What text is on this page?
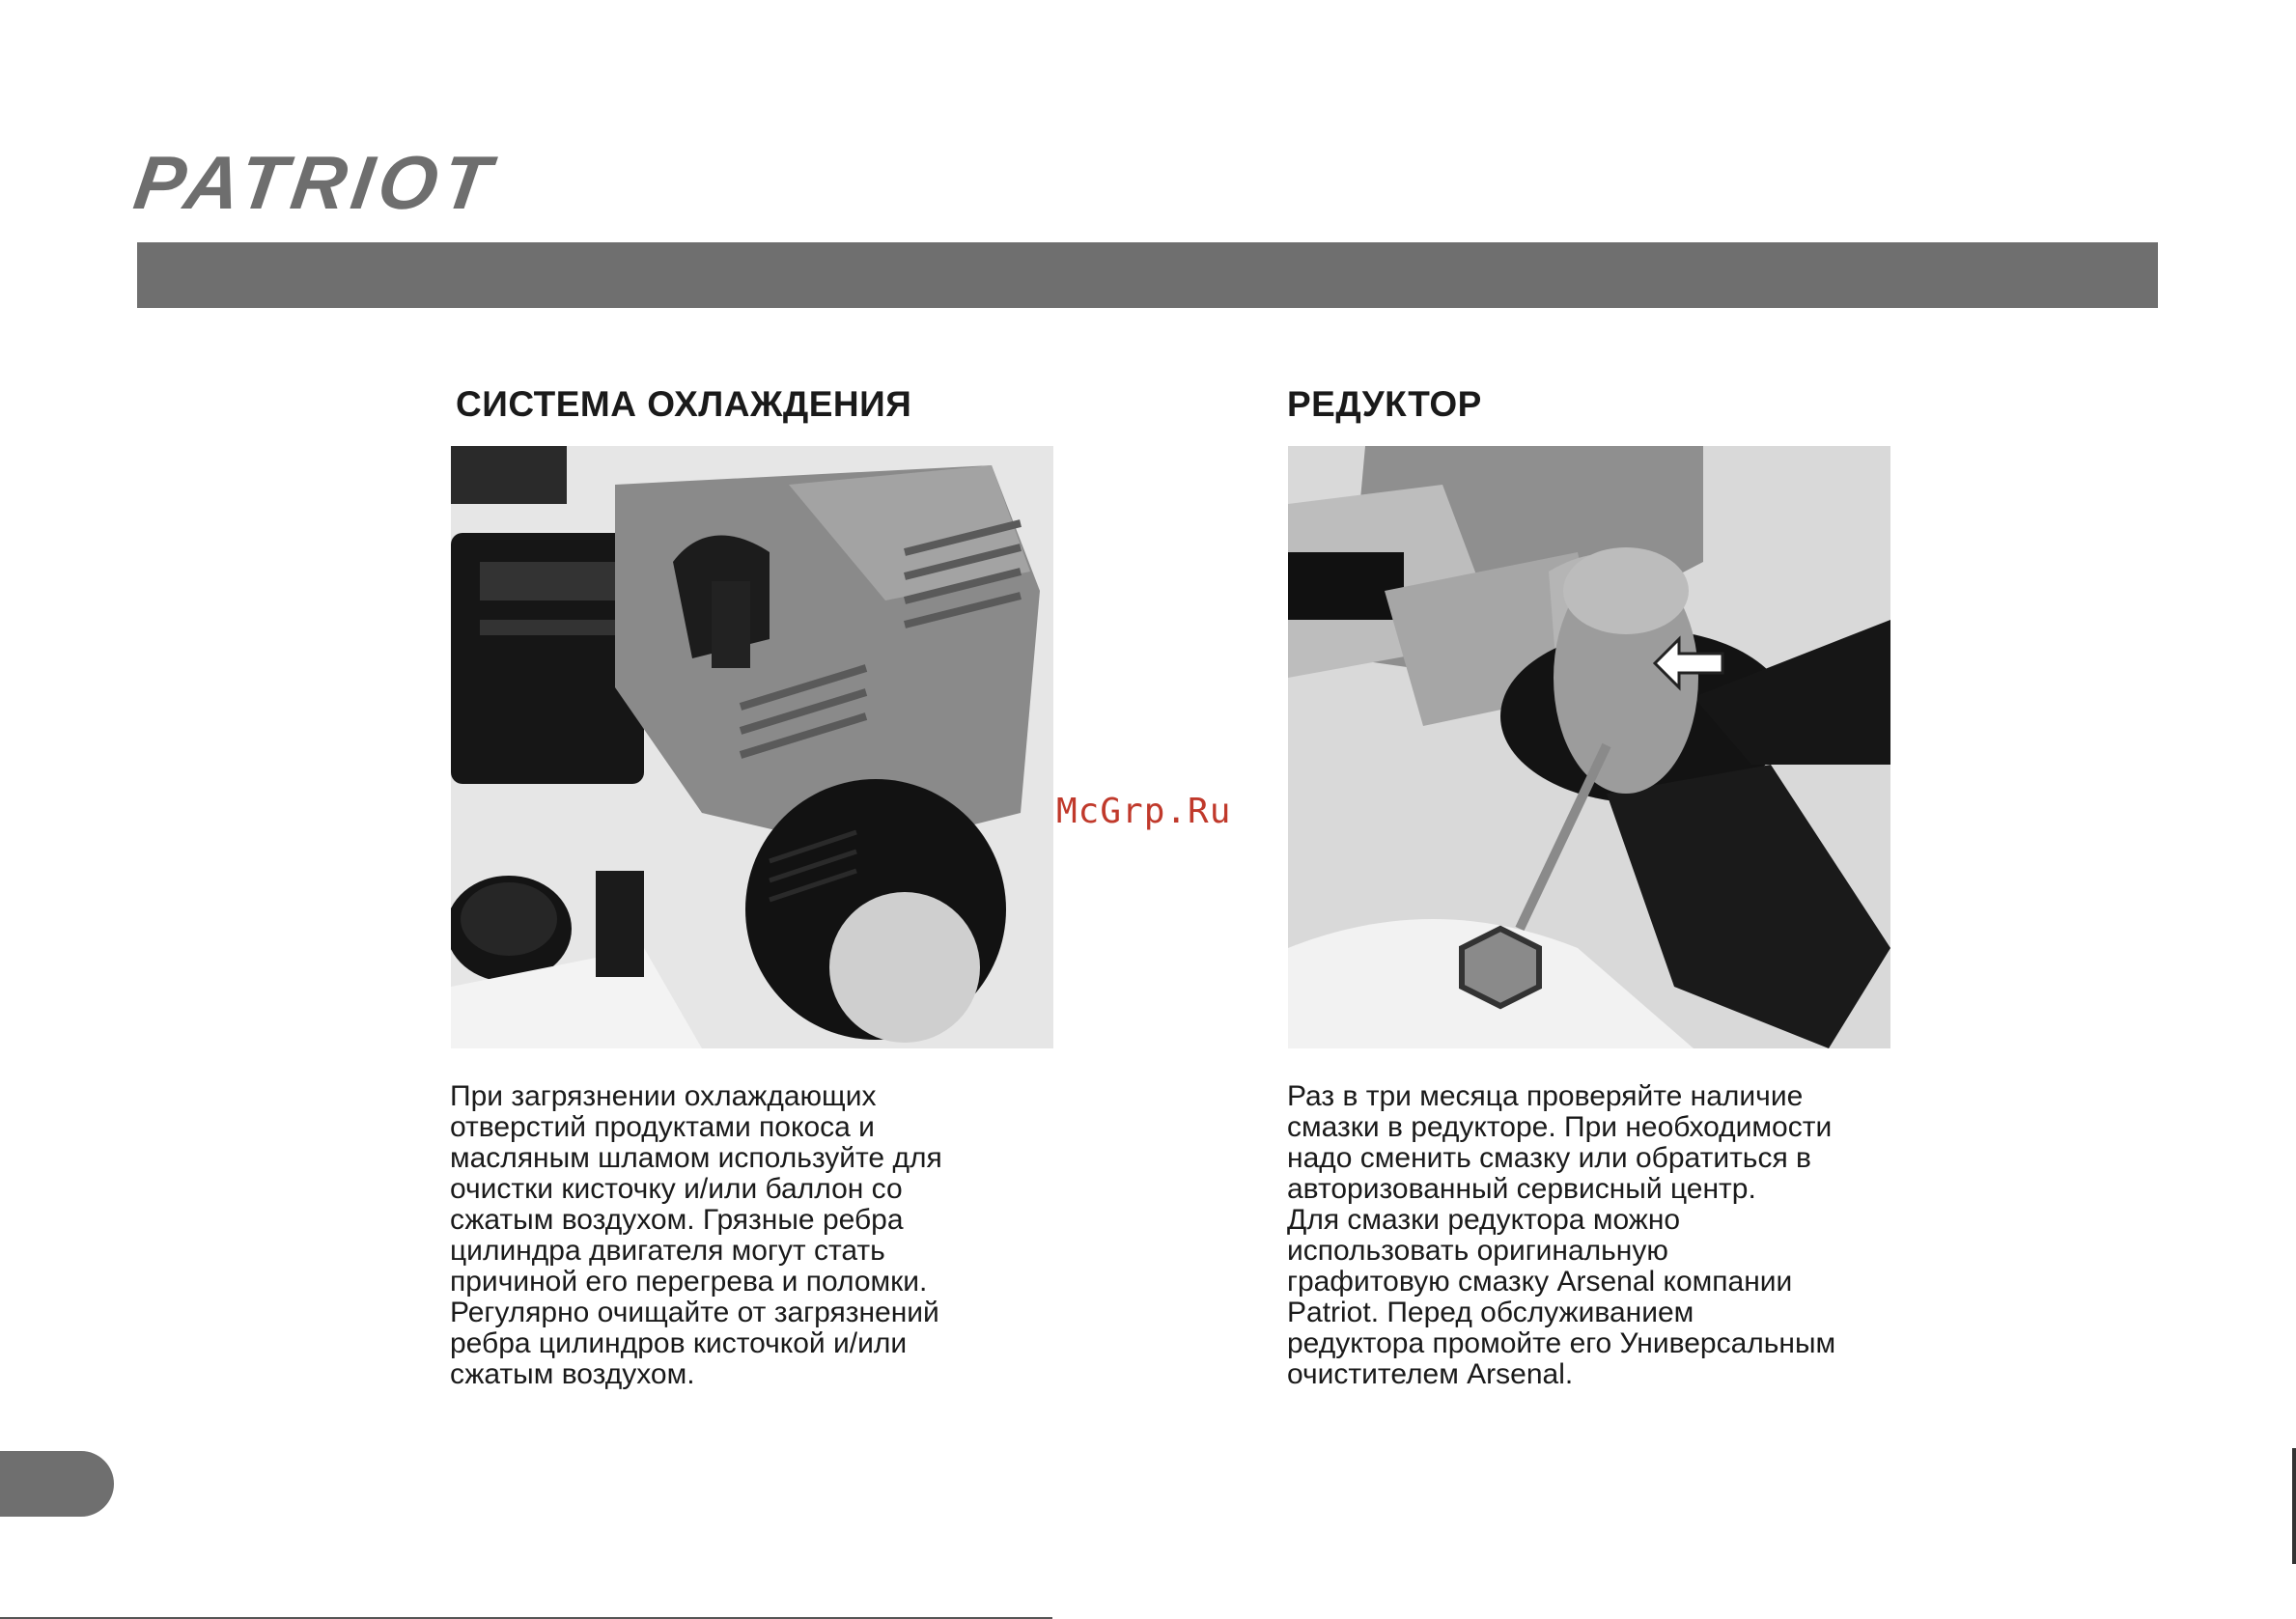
PATRIOT
СИСТЕМА ОХЛАЖДЕНИЯ

При загрязнении охлаждающих
отверстий продуктами покоса и
масляным шламом используйте для
очистки кисточку и/или баллон со
сжатым воздухом. Грязные ребра
цилиндра двигателя могут стать
причиной его перегрева и поломки.
Регулярно очищайте от загрязнений
ребра цилиндров кисточкой и/или
сжатым воздухом.

РЕДУКТОР

Раз в три месяца проверяйте наличие
смазки в редукторе. При необходимости
надо сменить смазку или обратиться в
авторизованный сервисный центр.
Для смазки редуктора можно
использовать оригинальную
графитовую смазку Arsenal компании
Patriot. Перед обслуживанием
редуктора промойте его Универсальным
очистителем Arsenal.

McGrp.Ru
